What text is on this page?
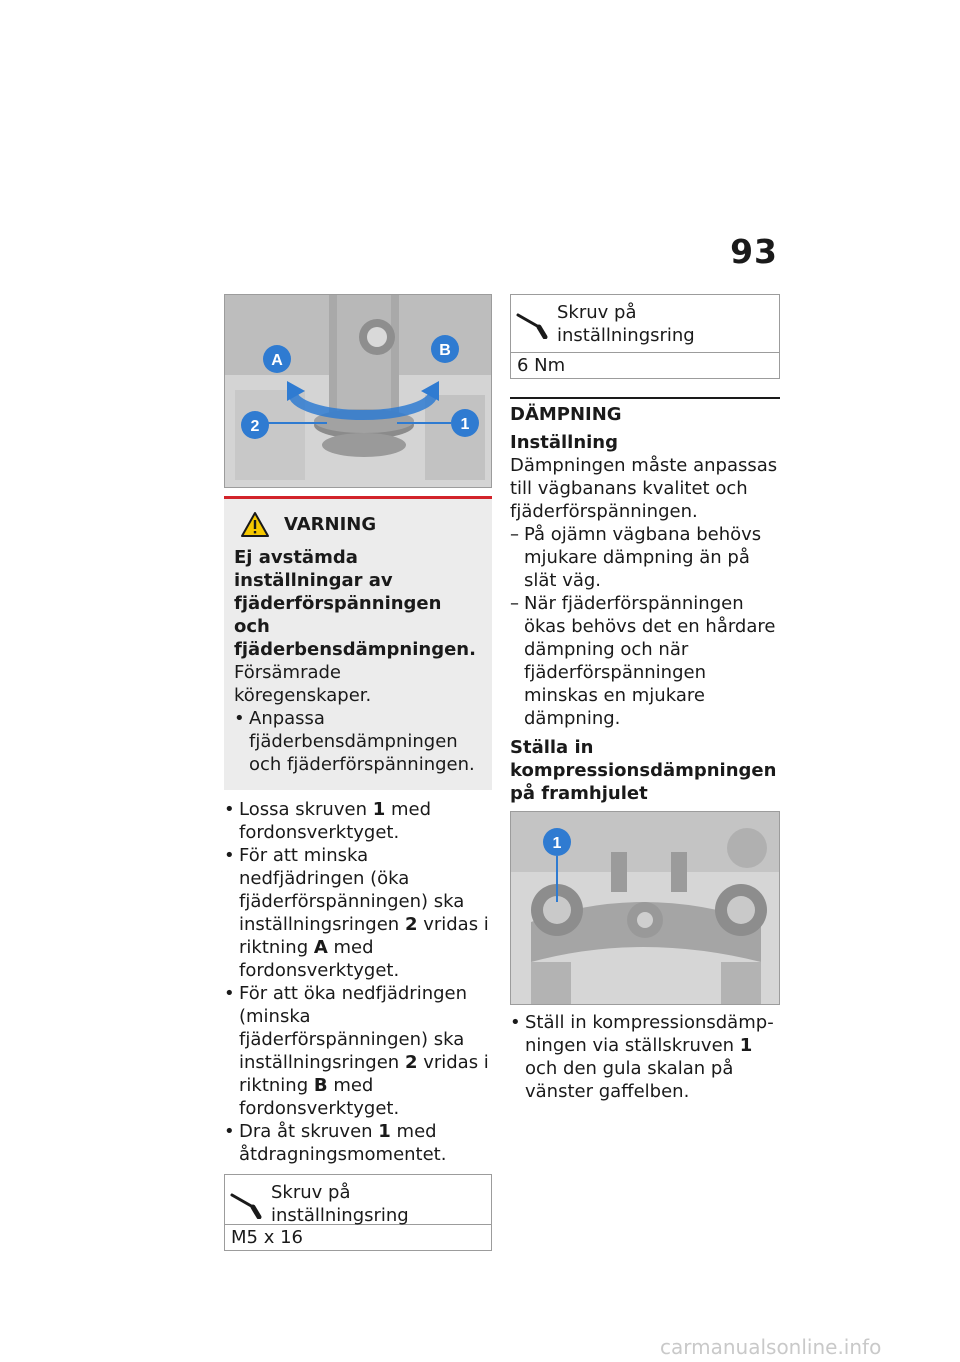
93
A
B
2	1
VARNING
Ej avstämda inställningar av fjäderförspänningen och fjäderbensdämpningen.
Försämrade köregenskaper.
• Anpassa fjäderbensdämpningen och fjäderförspänningen.
• Lossa skruven 1 med fordonsverktyget.
• För att minska nedfjädringen (öka fjäderförspänningen) ska inställningsringen 2 vridas i riktning A med fordonsverktyget.
• För att öka nedfjädringen (minska fjäderförspänningen) ska inställningsringen 2 vridas i riktning B med fordonsverktyget.
• Dra åt skruven 1 med åtdragningsmomentet.
Skruv på inställningsring
M5 x 16
Skruv på inställningsring
6 Nm
DÄMPNING
Inställning
Dämpningen måste anpassas till vägbanans kvalitet och fjäderförspänningen.
– På ojämn vägbana behövs mjukare dämpning än på slät väg.
– När fjäderförspänningen ökas behövs det en hårdare dämpning och när fjäderförspänningen minskas en mjukare dämpning.
Ställa in kompressionsdämpningen på framhjulet
1
• Ställ in kompressionsdämpningen via ställskruven 1 och den gula skalan på vänster gaffelben.
carmanualsonline.info
